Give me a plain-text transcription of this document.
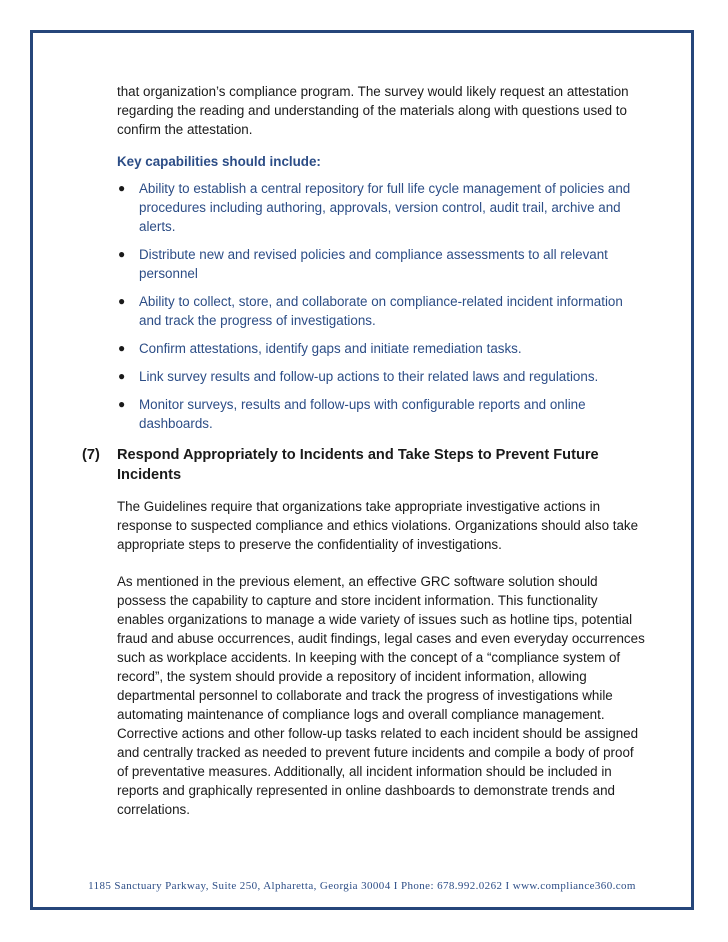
that organization’s compliance program. The survey would likely request an attestation regarding the reading and understanding of the materials along with questions used to confirm the attestation.

Key capabilities should include:

● Ability to establish a central repository for full life cycle management of policies and procedures including authoring, approvals, version control, audit trail, archive and alerts.
● Distribute new and revised policies and compliance assessments to all relevant personnel
● Ability to collect, store, and collaborate on compliance-related incident information and track the progress of investigations.
● Confirm attestations, identify gaps and initiate remediation tasks.
● Link survey results and follow-up actions to their related laws and regulations.
● Monitor surveys, results and follow-ups with configurable reports and online dashboards.
(7)	Respond Appropriately to Incidents and Take Steps to Prevent Future Incidents

The Guidelines require that organizations take appropriate investigative actions in response to suspected compliance and ethics violations. Organizations should also take appropriate steps to preserve the confidentiality of investigations.

As mentioned in the previous element, an effective GRC software solution should possess the capability to capture and store incident information. This functionality enables organizations to manage a wide variety of issues such as hotline tips, potential fraud and abuse occurrences, audit findings, legal cases and even everyday occurrences such as workplace accidents. In keeping with the concept of a “compliance system of record”, the system should provide a repository of incident information, allowing departmental personnel to collaborate and track the progress of investigations while automating maintenance of compliance logs and overall compliance management. Corrective actions and other follow-up tasks related to each incident should be assigned and centrally tracked as needed to prevent future incidents and compile a body of proof of preventative measures. Additionally, all incident information should be included in reports and graphically represented in online dashboards to demonstrate trends and correlations.

1185 Sanctuary Parkway, Suite 250, Alpharetta, Georgia 30004 I Phone: 678.992.0262 I www.compliance360.com
